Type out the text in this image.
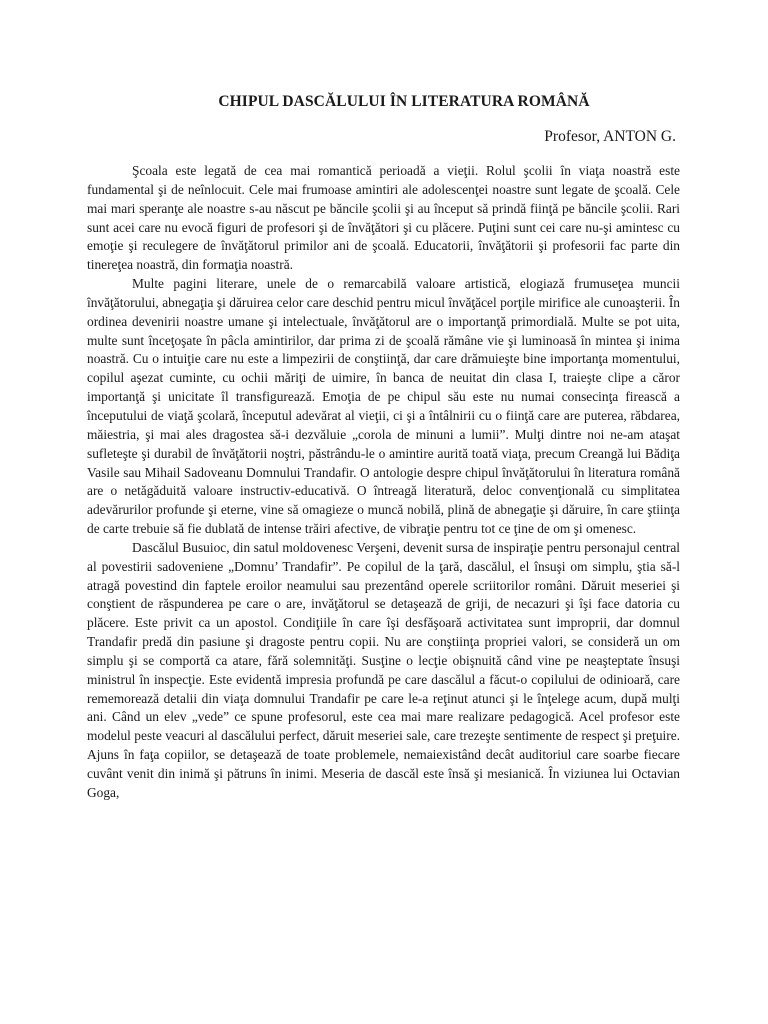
CHIPUL DASCĂLULUI ÎN LITERATURA ROMÂNĂ

Profesor, ANTON G.

Şcoala este legată de cea mai romantică perioadă a vieţii. Rolul şcolii în viaţa noastră este fundamental şi de neînlocuit. Cele mai frumoase amintiri ale adolescenţei noastre sunt legate de şcoală. Cele mai mari speranţe ale noastre s-au născut pe băncile şcolii şi au început să prindă fiinţă pe băncile şcolii. Rari sunt acei care nu evocă figuri de profesori şi de învăţători şi cu plăcere. Puţini sunt cei care nu-şi amintesc cu emoţie şi reculegere de învăţătorul primilor ani de şcoală. Educatorii, învăţătorii şi profesorii fac parte din tinereţea noastră, din formaţia noastră.

Multe pagini literare, unele de o remarcabilă valoare artistică, elogiază frumuseţea muncii învăţătorului, abnegaţia şi dăruirea celor care deschid pentru micul învăţăcel porţile mirifice ale cunoaşterii. În ordinea devenirii noastre umane şi intelectuale, învăţătorul are o importanţă primordială. Multe se pot uita, multe sunt înceţoşate în pâcla amintirilor, dar prima zi de şcoală rămâne vie şi luminoasă în mintea şi inima noastră. Cu o intuiţie care nu este a limpezirii de conştiinţă, dar care drămuieşte bine importanţa momentului, copilul aşezat cuminte, cu ochii măriţi de uimire, în banca de neuitat din clasa I, traieşte clipe a căror importanţă şi unicitate îl transfigurează. Emoţia de pe chipul său este nu numai consecinţa firească a începutului de viaţă şcolară, începutul adevărat al vieţii, ci şi a întâlnirii cu o fiinţă care are puterea, răbdarea, măiestria, şi mai ales dragostea să-i dezvăluie „corola de minuni a lumii”. Mulţi dintre noi ne-am ataşat sufleteşte şi durabil de învăţătorii noştri, păstrându-le o amintire aurită toată viaţa, precum Creangă lui Bădiţa Vasile sau Mihail Sadoveanu Domnului Trandafir. O antologie despre chipul învăţătorului în literatura română are o netăgăduită valoare instructiv-educativă. O întreagă literatură, deloc convenţională cu simplitatea adevărurilor profunde şi eterne, vine să omagieze o muncă nobilă, plină de abnegaţie şi dăruire, în care ştiinţa de carte trebuie să fie dublată de intense trăiri afective, de vibraţie pentru tot ce ţine de om şi omenesc.

Dascălul Busuioc, din satul moldovenesc Verşeni, devenit sursa de inspiraţie pentru personajul central al povestirii sadoveniene „Domnu’ Trandafir”. Pe copilul de la ţară, dascălul, el însuşi om simplu, ştia să-l atragă povestind din faptele eroilor neamului sau prezentând operele scriitorilor români. Dăruit meseriei şi conştient de răspunderea pe care o are, invăţătorul se detaşează de griji, de necazuri şi îşi face datoria cu plăcere. Este privit ca un apostol. Condiţiile în care îşi desfăşoară activitatea sunt improprii, dar domnul Trandafir predă din pasiune şi dragoste pentru copii. Nu are conştiinţa propriei valori, se consideră un om simplu şi se comportă ca atare, fără solemnităţi. Susţine o lecţie obişnuită când vine pe neaşteptate însuşi ministrul în inspecţie. Este evidentă impresia profundă pe care dascălul a făcut-o copilului de odinioară, care rememorează detalii din viaţa domnului Trandafir pe care le-a reţinut atunci şi le înţelege acum, după mulţi ani. Când un elev „vede” ce spune profesorul, este cea mai mare realizare pedagogică. Acel profesor este modelul peste veacuri al dascălului perfect, dăruit meseriei sale, care trezeşte sentimente de respect şi preţuire. Ajuns în faţa copiilor, se detaşează de toate problemele, nemaiexistând decât auditoriul care soarbe fiecare cuvânt venit din inimă şi pătruns în inimi. Meseria de dascăl este însă şi mesianică. În viziunea lui Octavian Goga,
